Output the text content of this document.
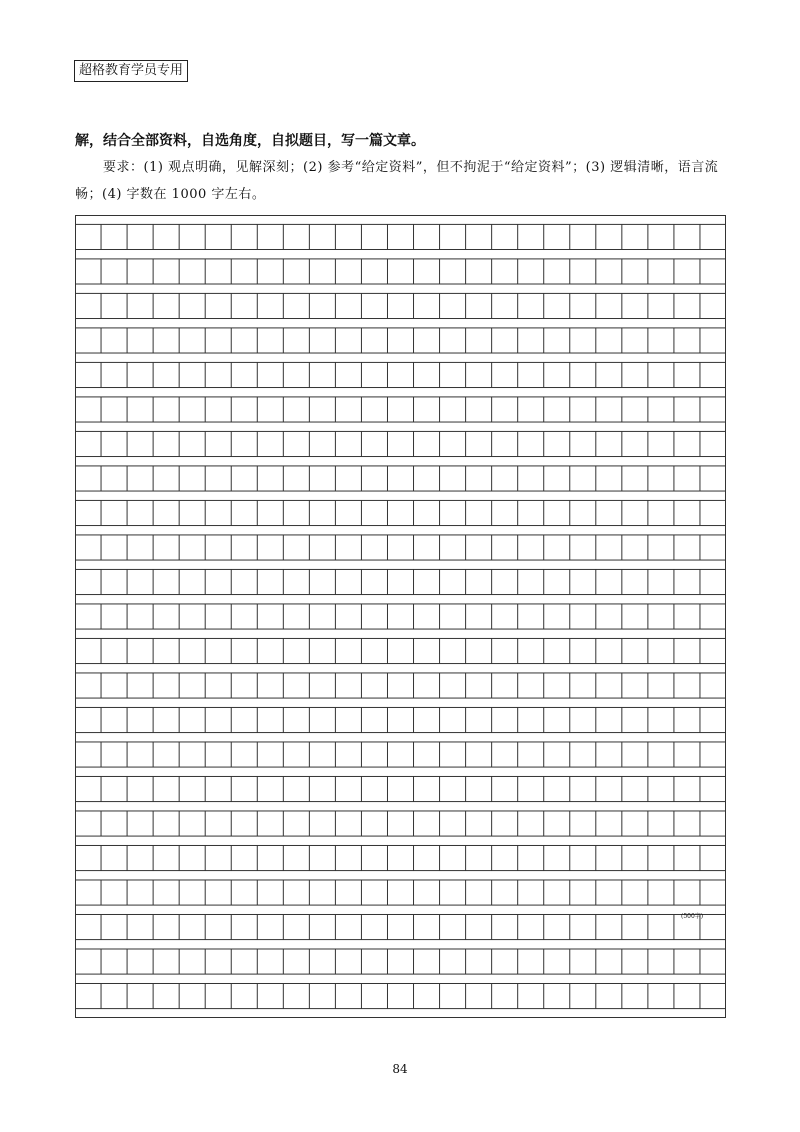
超格教育学员专用
解，结合全部资料，自选角度，自拟题目，写一篇文章。
要求：(1) 观点明确，见解深刻；(2) 参考“给定资料”，但不拘泥于“给定资料”；(3) 逻辑清晰，语言流畅；(4) 字数在 1000 字左右。
(500字)
84
